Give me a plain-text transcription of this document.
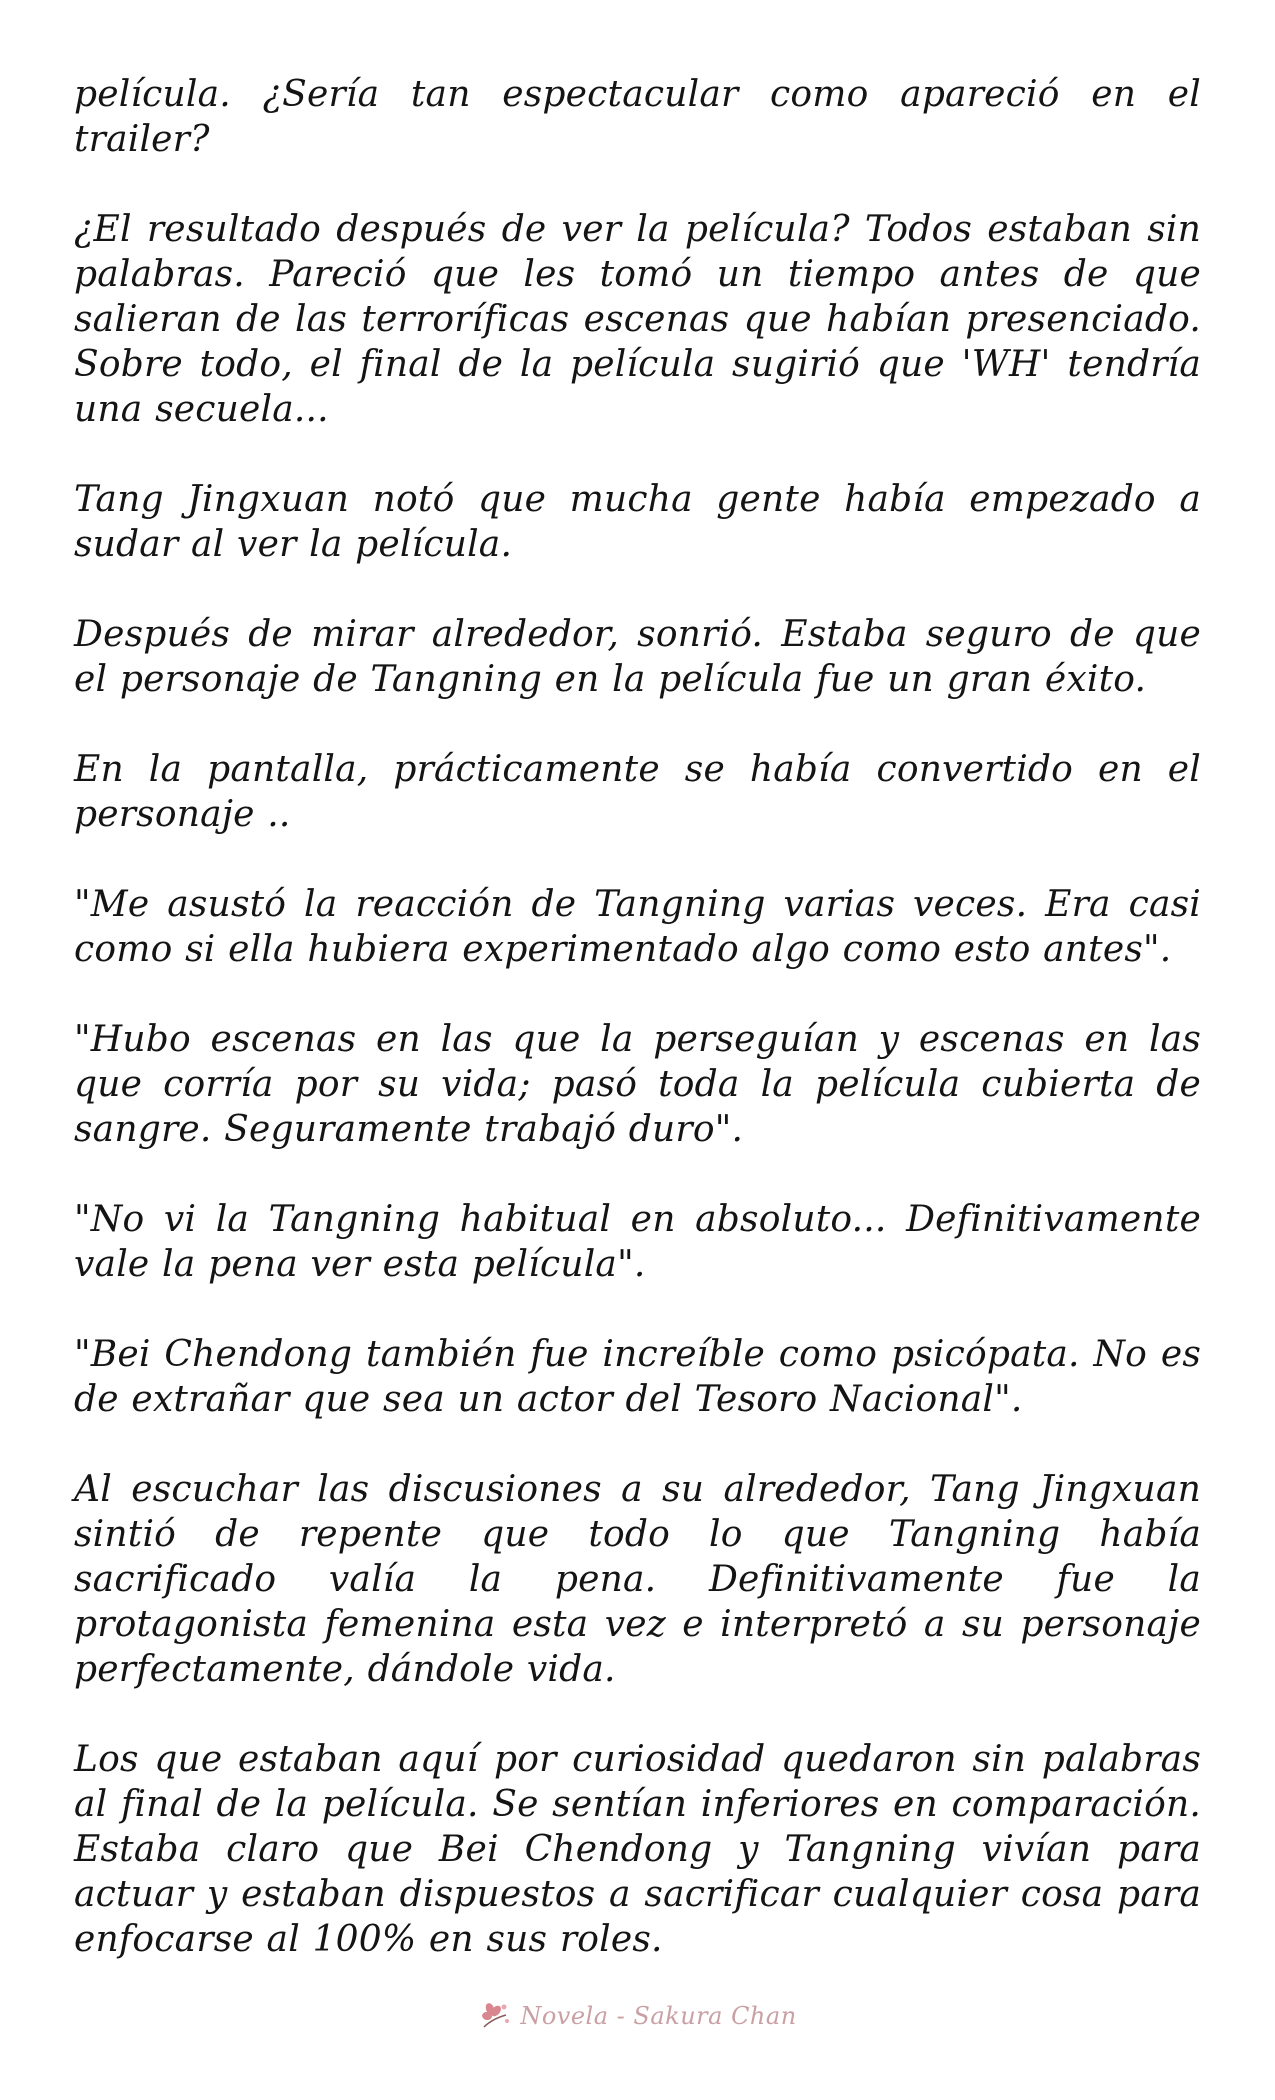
película. ¿Sería tan espectacular como apareció en el trailer?

¿El resultado después de ver la película? Todos estaban sin palabras. Pareció que les tomó un tiempo antes de que salieran de las terroríficas escenas que habían presenciado. Sobre todo, el final de la película sugirió que 'WH' tendría una secuela...

Tang Jingxuan notó que mucha gente había empezado a sudar al ver la película.

Después de mirar alrededor, sonrió. Estaba seguro de que el personaje de Tangning en la película fue un gran éxito.

En la pantalla, prácticamente se había convertido en el personaje ..

"Me asustó la reacción de Tangning varias veces. Era casi como si ella hubiera experimentado algo como esto antes".

"Hubo escenas en las que la perseguían y escenas en las que corría por su vida; pasó toda la película cubierta de sangre. Seguramente trabajó duro".

"No vi la Tangning habitual en absoluto... Definitivamente vale la pena ver esta película".

"Bei Chendong también fue increíble como psicópata. No es de extrañar que sea un actor del Tesoro Nacional".

Al escuchar las discusiones a su alrededor, Tang Jingxuan sintió de repente que todo lo que Tangning había sacrificado valía la pena. Definitivamente fue la protagonista femenina esta vez e interpretó a su personaje perfectamente, dándole vida.

Los que estaban aquí por curiosidad quedaron sin palabras al final de la película. Se sentían inferiores en comparación. Estaba claro que Bei Chendong y Tangning vivían para actuar y estaban dispuestos a sacrificar cualquier cosa para enfocarse al 100% en sus roles.

Novela - Sakura Chan
